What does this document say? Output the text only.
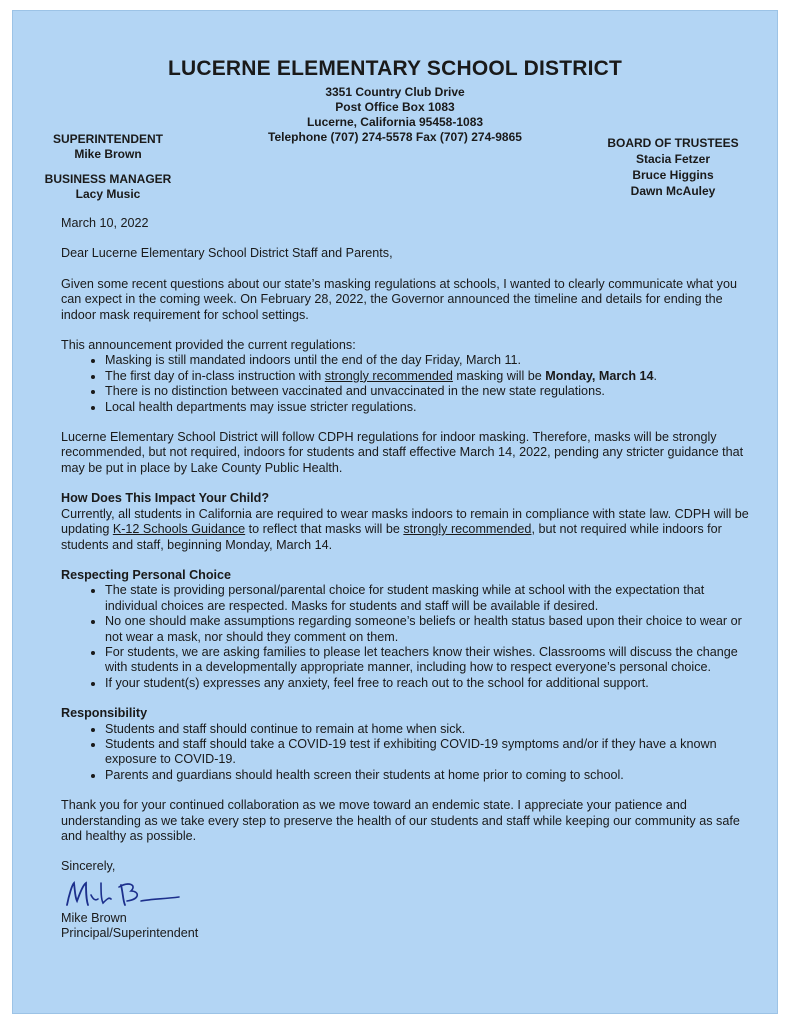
LUCERNE ELEMENTARY SCHOOL DISTRICT
3351 Country Club Drive
Post Office Box 1083
Lucerne, California 95458-1083
Telephone (707) 274-5578 Fax (707) 274-9865
SUPERINTENDENT
Mike Brown
BUSINESS MANAGER
Lacy Music
BOARD OF TRUSTEES
Stacia Fetzer
Bruce Higgins
Dawn McAuley

March 10, 2022

Dear Lucerne Elementary School District Staff and Parents,

Given some recent questions about our state’s masking regulations at schools, I wanted to clearly communicate what you can expect in the coming week. On February 28, 2022, the Governor announced the timeline and details for ending the indoor mask requirement for school settings.

This announcement provided the current regulations:

• Masking is still mandated indoors until the end of the day Friday, March 11.
• The first day of in-class instruction with strongly recommended masking will be Monday, March 14.
• There is no distinction between vaccinated and unvaccinated in the new state regulations.
• Local health departments may issue stricter regulations.

Lucerne Elementary School District will follow CDPH regulations for indoor masking. Therefore, masks will be strongly recommended, but not required, indoors for students and staff effective March 14, 2022, pending any stricter guidance that may be put in place by Lake County Public Health.

How Does This Impact Your Child?

Currently, all students in California are required to wear masks indoors to remain in compliance with state law. CDPH will be updating K-12 Schools Guidance to reflect that masks will be strongly recommended, but not required while indoors for students and staff, beginning Monday, March 14.

Respecting Personal Choice

• The state is providing personal/parental choice for student masking while at school with the expectation that individual choices are respected. Masks for students and staff will be available if desired.
• No one should make assumptions regarding someone’s beliefs or health status based upon their choice to wear or not wear a mask, nor should they comment on them.
• For students, we are asking families to please let teachers know their wishes. Classrooms will discuss the change with students in a developmentally appropriate manner, including how to respect everyone’s personal choice.
• If your student(s) expresses any anxiety, feel free to reach out to the school for additional support.

Responsibility

• Students and staff should continue to remain at home when sick.
• Students and staff should take a COVID-19 test if exhibiting COVID-19 symptoms and/or if they have a known exposure to COVID-19.
• Parents and guardians should health screen their students at home prior to coming to school.

Thank you for your continued collaboration as we move toward an endemic state. I appreciate your patience and understanding as we take every step to preserve the health of our students and staff while keeping our community as safe and healthy as possible.

Sincerely,

Mike Brown

Principal/Superintendent
